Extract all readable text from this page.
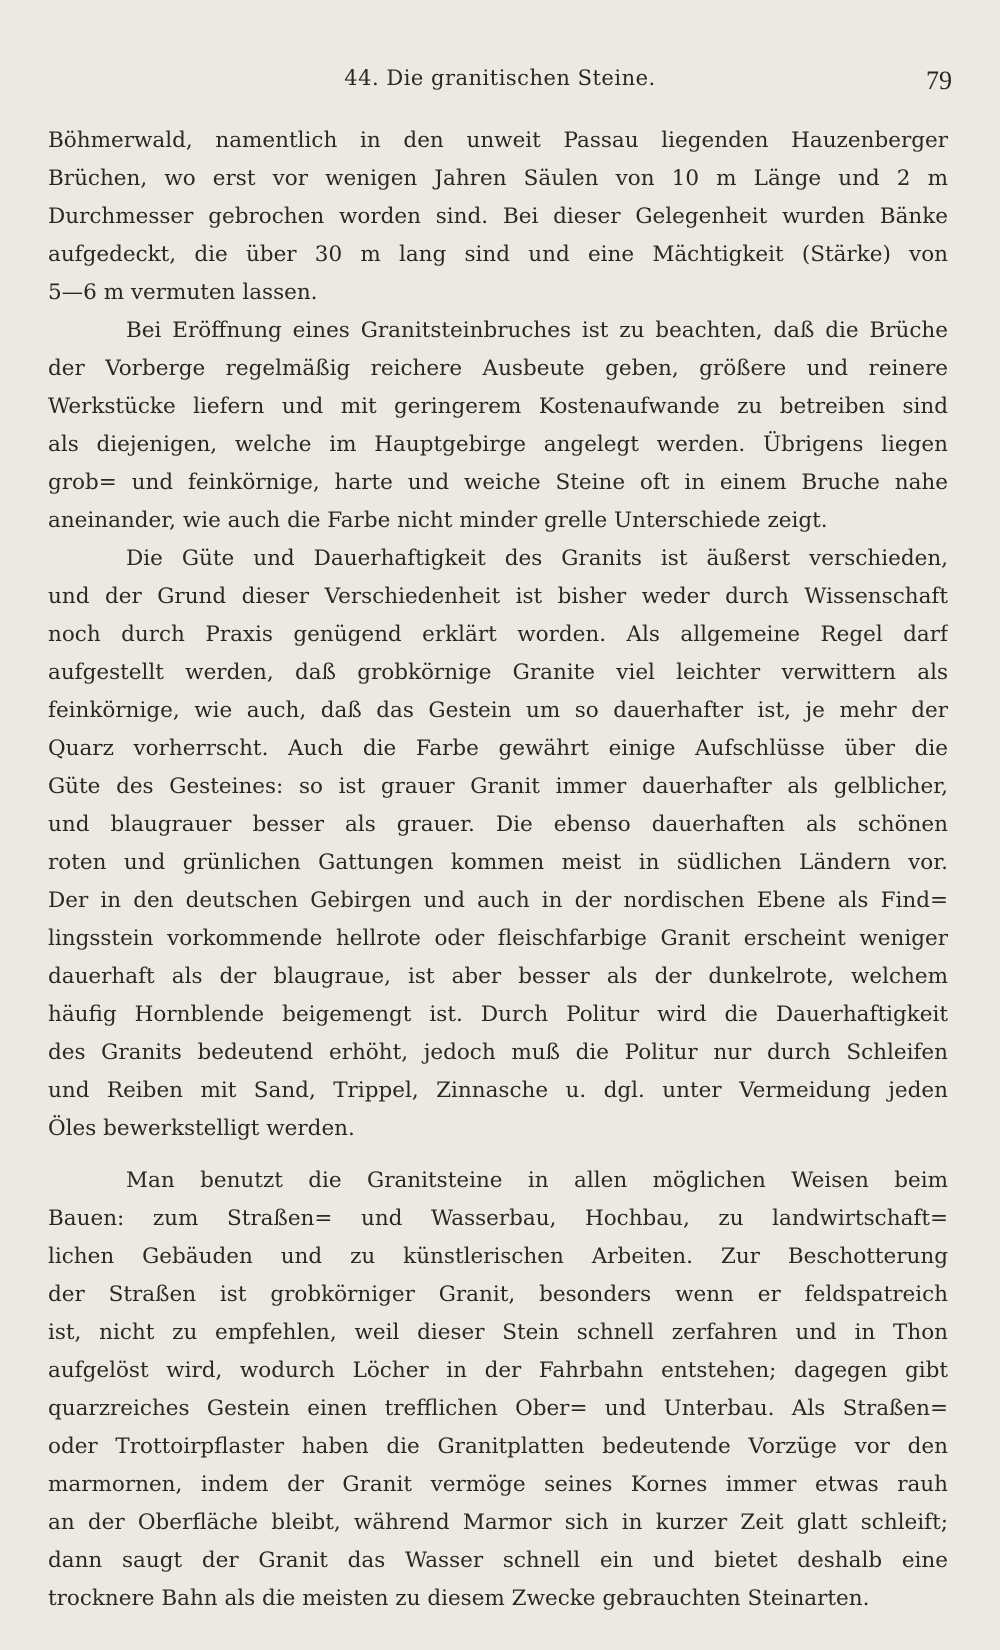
44. Die granitischen Steine.	79
Böhmerwald, namentlich in den unweit Passau liegenden Hauzenberger
Brüchen, wo erst vor wenigen Jahren Säulen von 10 m Länge und 2 m
Durchmesser gebrochen worden sind. Bei dieser Gelegenheit wurden Bänke
aufgedeckt, die über 30 m lang sind und eine Mächtigkeit (Stärke) von
5—6 m vermuten lassen.
Bei Eröffnung eines Granitsteinbruches ist zu beachten, daß die Brüche
der Vorberge regelmäßig reichere Ausbeute geben, größere und reinere
Werkstücke liefern und mit geringerem Kostenaufwande zu betreiben sind
als diejenigen, welche im Hauptgebirge angelegt werden. Übrigens liegen
grob= und feinkörnige, harte und weiche Steine oft in einem Bruche nahe
aneinander, wie auch die Farbe nicht minder grelle Unterschiede zeigt.
Die Güte und Dauerhaftigkeit des Granits ist äußerst verschieden,
und der Grund dieser Verschiedenheit ist bisher weder durch Wissenschaft
noch durch Praxis genügend erklärt worden. Als allgemeine Regel darf
aufgestellt werden, daß grobkörnige Granite viel leichter verwittern als
feinkörnige, wie auch, daß das Gestein um so dauerhafter ist, je mehr der
Quarz vorherrscht. Auch die Farbe gewährt einige Aufschlüsse über die
Güte des Gesteines: so ist grauer Granit immer dauerhafter als gelblicher,
und blaugrauer besser als grauer. Die ebenso dauerhaften als schönen
roten und grünlichen Gattungen kommen meist in südlichen Ländern vor.
Der in den deutschen Gebirgen und auch in der nordischen Ebene als Find=
lingsstein vorkommende hellrote oder fleischfarbige Granit erscheint weniger
dauerhaft als der blaugraue, ist aber besser als der dunkelrote, welchem
häufig Hornblende beigemengt ist. Durch Politur wird die Dauerhaftigkeit
des Granits bedeutend erhöht, jedoch muß die Politur nur durch Schleifen
und Reiben mit Sand, Trippel, Zinnasche u. dgl. unter Vermeidung jeden
Öles bewerkstelligt werden.
Man benutzt die Granitsteine in allen möglichen Weisen beim
Bauen: zum Straßen= und Wasserbau, Hochbau, zu landwirtschaft=
lichen Gebäuden und zu künstlerischen Arbeiten. Zur Beschotterung
der Straßen ist grobkörniger Granit, besonders wenn er feldspatreich
ist, nicht zu empfehlen, weil dieser Stein schnell zerfahren und in Thon
aufgelöst wird, wodurch Löcher in der Fahrbahn entstehen; dagegen gibt
quarzreiches Gestein einen trefflichen Ober= und Unterbau. Als Straßen=
oder Trottoirpflaster haben die Granitplatten bedeutende Vorzüge vor den
marmornen, indem der Granit vermöge seines Kornes immer etwas rauh
an der Oberfläche bleibt, während Marmor sich in kurzer Zeit glatt schleift;
dann saugt der Granit das Wasser schnell ein und bietet deshalb eine
trocknere Bahn als die meisten zu diesem Zwecke gebrauchten Steinarten.
